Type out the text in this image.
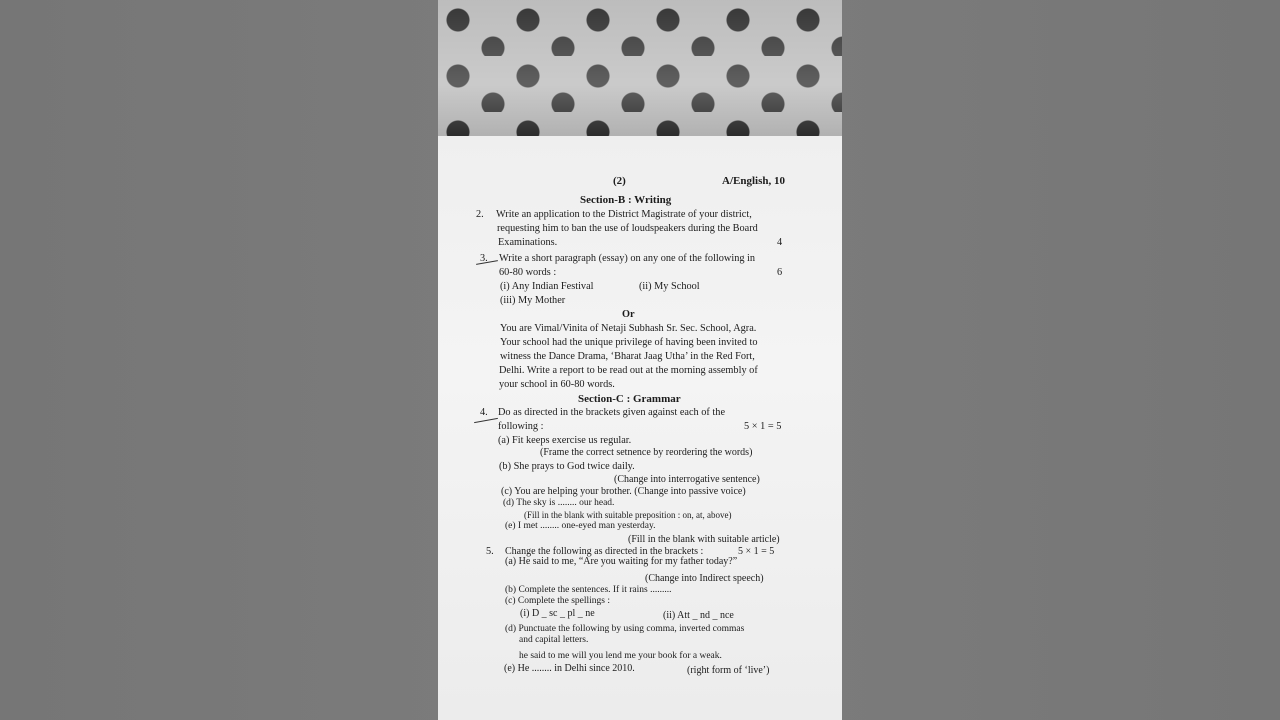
(2)	A/English, 10
Section-B : Writing
2. Write an application to the District Magistrate of your district,
requesting him to ban the use of loudspeakers during the Board
Examinations.	4
3. Write a short paragraph (essay) on any one of the following in
60-80 words :	6
(i) Any Indian Festival	(ii) My School
(iii) My Mother
Or
You are Vimal/Vinita of Netaji Subhash Sr. Sec. School, Agra.
Your school had the unique privilege of having been invited to
witness the Dance Drama, ‘Bharat Jaag Utha’ in the Red Fort,
Delhi. Write a report to be read out at the morning assembly of
your school in 60-80 words.
Section-C : Grammar
4. Do as directed in the brackets given against each of the
following :	5 × 1 = 5
(a) Fit keeps exercise us regular.
(Frame the correct setnence by reordering the words)
(b) She prays to God twice daily.
(Change into interrogative sentence)
(c) You are helping your brother. (Change into passive voice)
(d) The sky is ........ our head.
(Fill in the blank with suitable preposition : on, at, above)
(e) I met ........ one-eyed man yesterday.
(Fill in the blank with suitable article)
5. Change the following as directed in the brackets :	5 × 1 = 5
(a) He said to me, “Are you waiting for my father today?”
(Change into Indirect speech)
(b) Complete the sentences. If it rains .........
(c) Complete the spellings :
(i) D _ sc _ pl _ ne	(ii) Att _ nd _ nce
(d) Punctuate the following by using comma, inverted commas
and capital letters.
he said to me will you lend me your book for a weak.
(e) He ........ in Delhi since 2010.	(right form of ‘live’)
